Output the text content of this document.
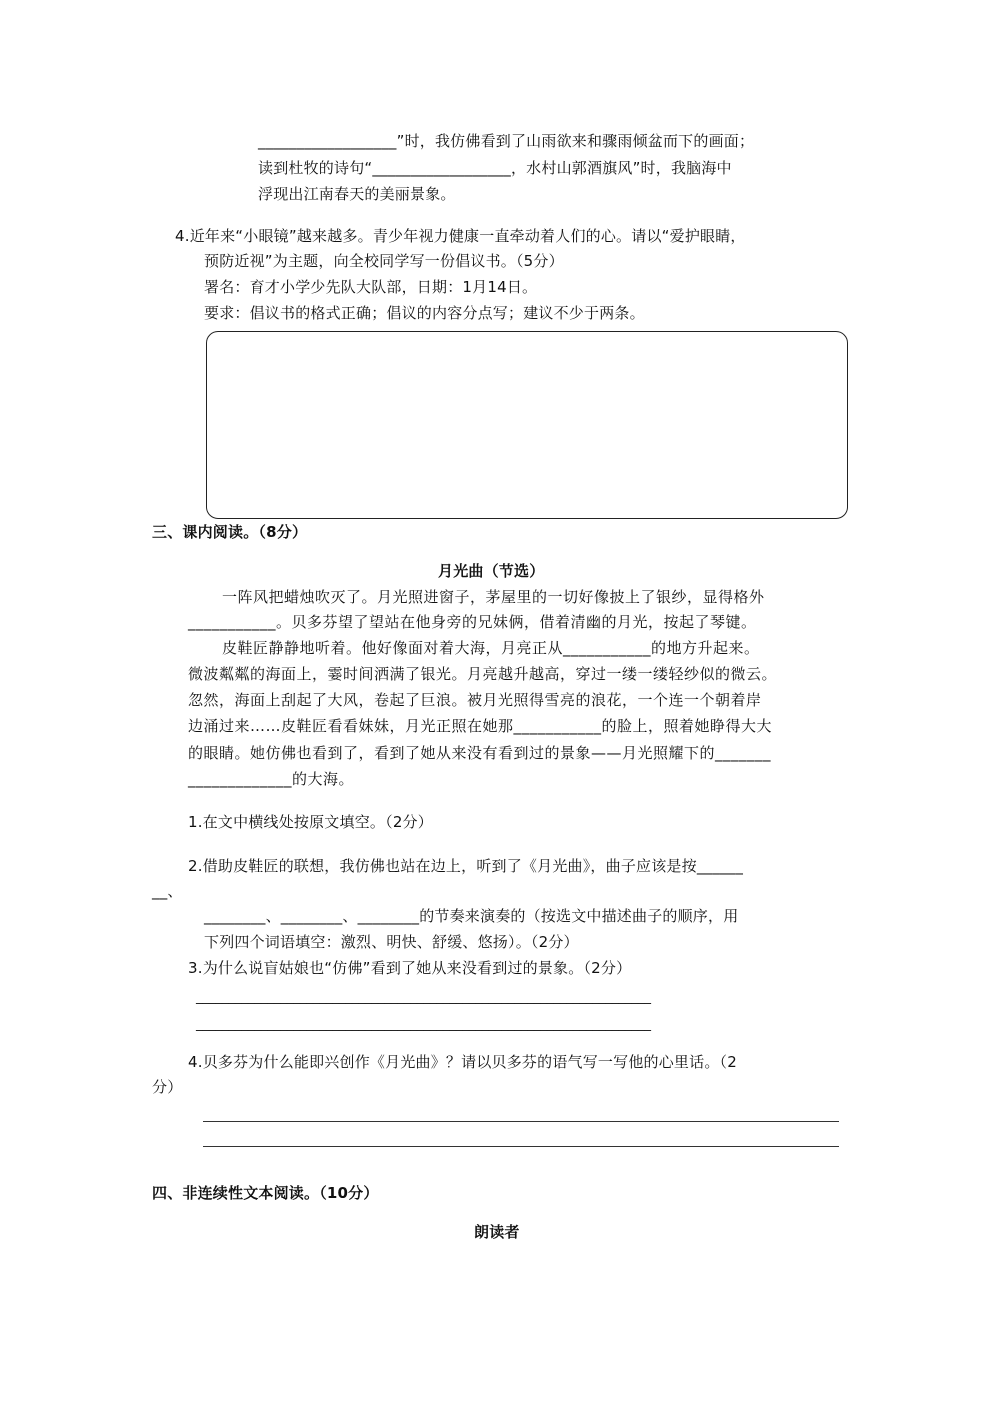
__________________”时，我仿佛看到了山雨欲来和骤雨倾盆而下的画面；
读到杜牧的诗句“__________________，水村山郭酒旗风”时，我脑海中
浮现出江南春天的美丽景象。
4.近年来“小眼镜”越来越多。青少年视力健康一直牵动着人们的心。请以“爱护眼睛，
预防近视”为主题，向全校同学写一份倡议书。（5分）
署名：育才小学少先队大队部，日期：1月14日。
要求：倡议书的格式正确；倡议的内容分点写；建议不少于两条。
三、课内阅读。（8分）
月光曲（节选）
一阵风把蜡烛吹灭了。月光照进窗子，茅屋里的一切好像披上了银纱，显得格外
___________。贝多芬望了望站在他身旁的兄妹俩，借着清幽的月光，按起了琴键。
皮鞋匠静静地听着。他好像面对着大海，月亮正从___________的地方升起来。
微波粼粼的海面上，霎时间洒满了银光。月亮越升越高，穿过一缕一缕轻纱似的微云。
忽然，海面上刮起了大风，卷起了巨浪。被月光照得雪亮的浪花，一个连一个朝着岸
边涌过来……皮鞋匠看看妹妹，月光正照在她那___________的脸上，照着她睁得大大
的眼睛。她仿佛也看到了，看到了她从来没有看到过的景象——月光照耀下的_______
_____________的大海。
1.在文中横线处按原文填空。（2分）
2.借助皮鞋匠的联想，我仿佛也站在边上，听到了《月光曲》，曲子应该是按______
__、
________、________、________的节奏来演奏的（按选文中描述曲子的顺序，用
下列四个词语填空：激烈、明快、舒缓、悠扬）。（2分）
3.为什么说盲姑娘也“仿佛”看到了她从来没看到过的景象。（2分）
______________________________________________________________________
______________________________________________________________________
4.贝多芬为什么能即兴创作《月光曲》？请以贝多芬的语气写一写他的心里话。（2
分）
四、非连续性文本阅读。（10分）
朗读者
